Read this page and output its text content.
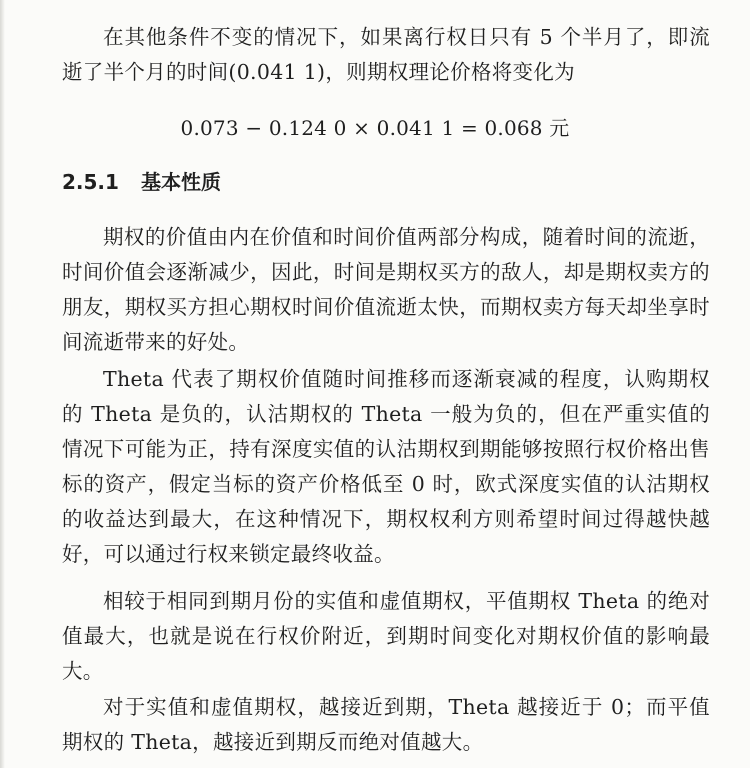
在其他条件不变的情况下，如果离行权日只有 5 个半月了，即流逝了半个月的时间(0.041 1)，则期权理论价格将变化为

0.073 − 0.124 0 × 0.041 1 = 0.068 元
2.5.1 基本性质

期权的价值由内在价值和时间价值两部分构成，随着时间的流逝，时间价值会逐渐减少，因此，时间是期权买方的敌人，却是期权卖方的朋友，期权买方担心期权时间价值流逝太快，而期权卖方每天却坐享时间流逝带来的好处。

Theta 代表了期权价值随时间推移而逐渐衰减的程度，认购期权的 Theta 是负的，认沽期权的 Theta 一般为负的，但在严重实值的情况下可能为正，持有深度实值的认沽期权到期能够按照行权价格出售标的资产，假定当标的资产价格低至 0 时，欧式深度实值的认沽期权的收益达到最大，在这种情况下，期权权利方则希望时间过得越快越好，可以通过行权来锁定最终收益。

相较于相同到期月份的实值和虚值期权，平值期权 Theta 的绝对值最大，也就是说在行权价附近，到期时间变化对期权价值的影响最大。

对于实值和虚值期权，越接近到期，Theta 越接近于 0；而平值期权的 Theta，越接近到期反而绝对值越大。
